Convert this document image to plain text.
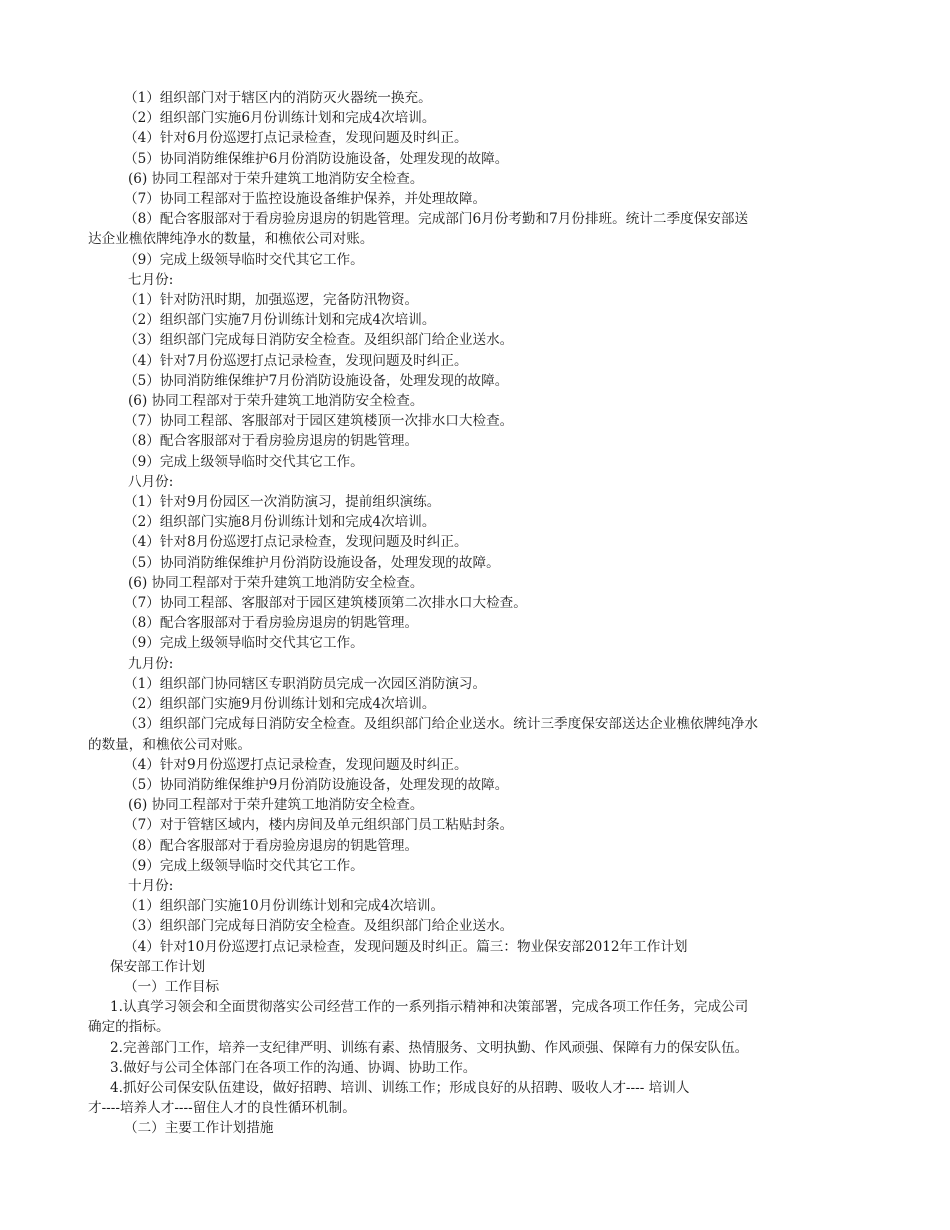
（1）组织部门对于辖区内的消防灭火器统一换充。
（2）组织部门实施6月份训练计划和完成4次培训。
（4）针对6月份巡逻打点记录检查，发现问题及时纠正。
（5）协同消防维保维护6月份消防设施设备，处理发现的故障。
(6) 协同工程部对于荣升建筑工地消防安全检查。
（7）协同工程部对于监控设施设备维护保养，并处理故障。
（8）配合客服部对于看房验房退房的钥匙管理。完成部门6月份考勤和7月份排班。统计二季度保安部送
达企业樵依牌纯净水的数量，和樵依公司对账。
（9）完成上级领导临时交代其它工作。
七月份:
（1）针对防汛时期，加强巡逻，完备防汛物资。
（2）组织部门实施7月份训练计划和完成4次培训。
（3）组织部门完成每日消防安全检查。及组织部门给企业送水。
（4）针对7月份巡逻打点记录检查，发现问题及时纠正。
（5）协同消防维保维护7月份消防设施设备，处理发现的故障。
(6) 协同工程部对于荣升建筑工地消防安全检查。
（7）协同工程部、客服部对于园区建筑楼顶一次排水口大检查。
（8）配合客服部对于看房验房退房的钥匙管理。
（9）完成上级领导临时交代其它工作。
八月份:
（1）针对9月份园区一次消防演习，提前组织演练。
（2）组织部门实施8月份训练计划和完成4次培训。
（4）针对8月份巡逻打点记录检查，发现问题及时纠正。
（5）协同消防维保维护月份消防设施设备，处理发现的故障。
(6) 协同工程部对于荣升建筑工地消防安全检查。
（7）协同工程部、客服部对于园区建筑楼顶第二次排水口大检查。
（8）配合客服部对于看房验房退房的钥匙管理。
（9）完成上级领导临时交代其它工作。
九月份:
（1）组织部门协同辖区专职消防员完成一次园区消防演习。
（2）组织部门实施9月份训练计划和完成4次培训。
（3）组织部门完成每日消防安全检查。及组织部门给企业送水。统计三季度保安部送达企业樵依牌纯净水
的数量，和樵依公司对账。
（4）针对9月份巡逻打点记录检查，发现问题及时纠正。
（5）协同消防维保维护9月份消防设施设备，处理发现的故障。
(6) 协同工程部对于荣升建筑工地消防安全检查。
（7）对于管辖区域内，楼内房间及单元组织部门员工粘贴封条。
（8）配合客服部对于看房验房退房的钥匙管理。
（9）完成上级领导临时交代其它工作。
十月份:
（1）组织部门实施10月份训练计划和完成4次培训。
（3）组织部门完成每日消防安全检查。及组织部门给企业送水。
（4）针对10月份巡逻打点记录检查，发现问题及时纠正。篇三：物业保安部2012年工作计划
保安部工作计划
（一）工作目标
1.认真学习领会和全面贯彻落实公司经营工作的一系列指示精神和决策部署，完成各项工作任务，完成公司
确定的指标。
2.完善部门工作，培养一支纪律严明、训练有素、热情服务、文明执勤、作风顽强、保障有力的保安队伍。
3.做好与公司全体部门在各项工作的沟通、协调、协助工作。
4.抓好公司保安队伍建设，做好招聘、培训、训练工作；形成良好的从招聘、吸收人才---- 培训人
才----培养人才----留住人才的良性循环机制。
（二）主要工作计划措施
